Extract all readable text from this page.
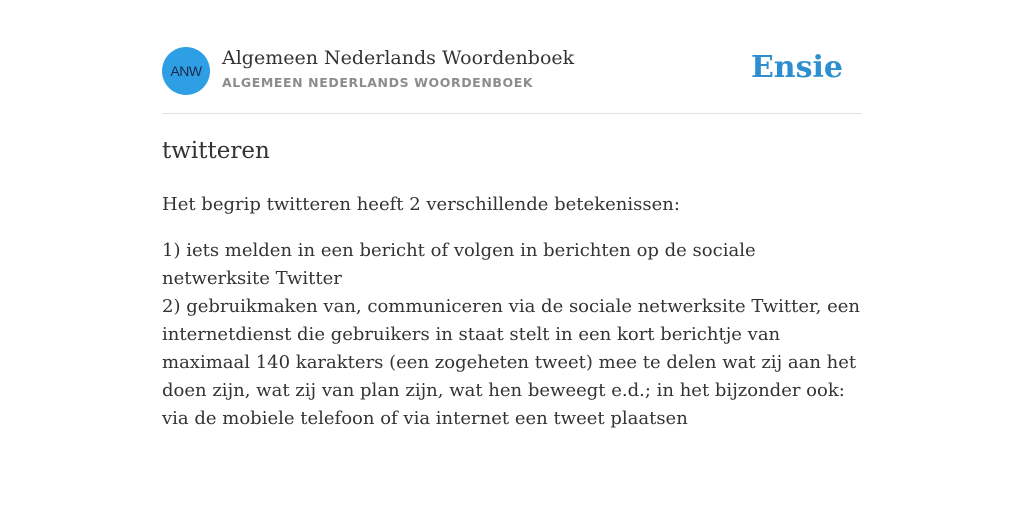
ANW
Algemeen Nederlands Woordenboek
ALGEMEEN NEDERLANDS WOORDENBOEK	Ensie
twitteren
Het begrip twitteren heeft 2 verschillende betekenissen:

1) iets melden in een bericht of volgen in berichten op de sociale netwerksite Twitter

2) gebruikmaken van, communiceren via de sociale netwerksite Twitter, een internetdienst die gebruikers in staat stelt in een kort berichtje van maximaal 140 karakters (een zogeheten tweet) mee te delen wat zij aan het doen zijn, wat zij van plan zijn, wat hen beweegt e.d.; in het bijzonder ook: via de mobiele telefoon of via internet een tweet plaatsen
